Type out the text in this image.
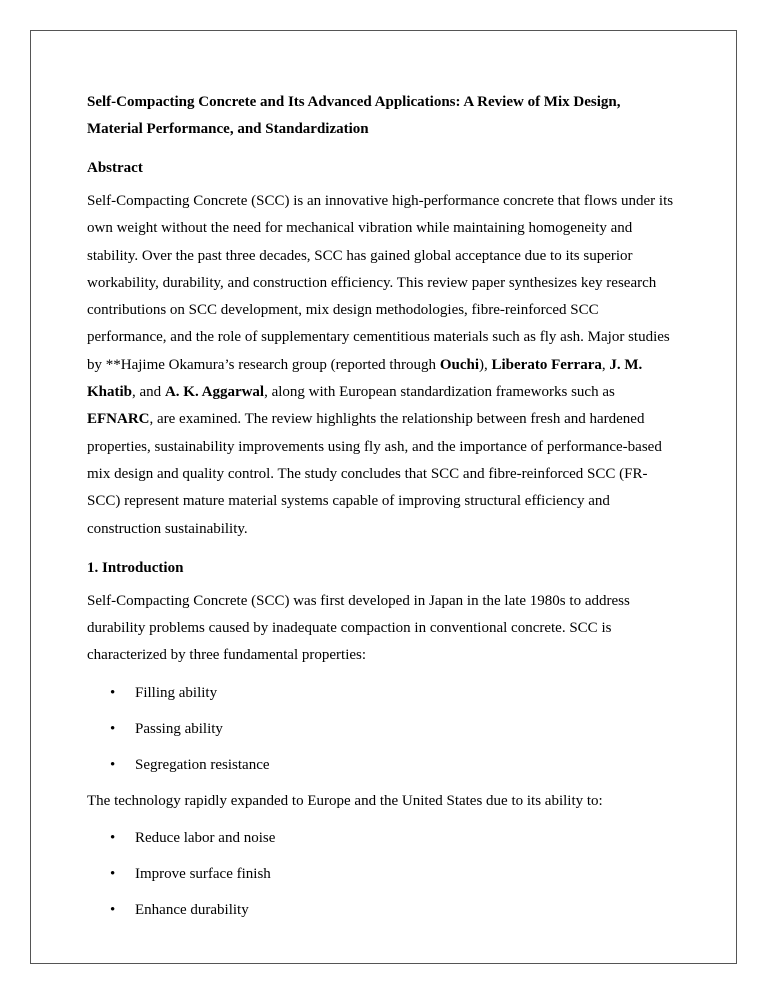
Self-Compacting Concrete and Its Advanced Applications: A Review of Mix Design, Material Performance, and Standardization

Abstract

Self-Compacting Concrete (SCC) is an innovative high-performance concrete that flows under its own weight without the need for mechanical vibration while maintaining homogeneity and stability. Over the past three decades, SCC has gained global acceptance due to its superior workability, durability, and construction efficiency. This review paper synthesizes key research contributions on SCC development, mix design methodologies, fibre-reinforced SCC performance, and the role of supplementary cementitious materials such as fly ash. Major studies by **Hajime Okamura’s research group (reported through Ouchi), Liberato Ferrara, J. M. Khatib, and A. K. Aggarwal, along with European standardization frameworks such as EFNARC, are examined. The review highlights the relationship between fresh and hardened properties, sustainability improvements using fly ash, and the importance of performance-based mix design and quality control. The study concludes that SCC and fibre-reinforced SCC (FR-SCC) represent mature material systems capable of improving structural efficiency and construction sustainability.

1. Introduction

Self-Compacting Concrete (SCC) was first developed in Japan in the late 1980s to address durability problems caused by inadequate compaction in conventional concrete. SCC is characterized by three fundamental properties:

• Filling ability
• Passing ability
• Segregation resistance

The technology rapidly expanded to Europe and the United States due to its ability to:

• Reduce labor and noise
• Improve surface finish
• Enhance durability
